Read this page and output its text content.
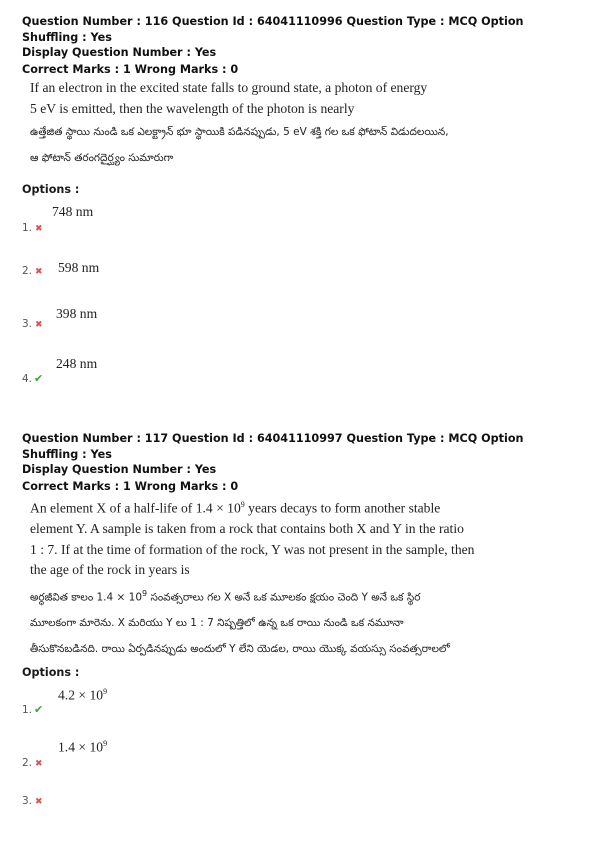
Question Number : 116 Question Id : 64041110996 Question Type : MCQ Option Shuffling : Yes
Display Question Number : Yes
Correct Marks : 1 Wrong Marks : 0
If an electron in the excited state falls to ground state, a photon of energy
5 eV is emitted, then the wavelength of the photon is nearly
ఉత్తేజిత స్థాయి నుండి ఒక ఎలక్ట్రాన్ భూ స్థాయికి పడినప్పుడు, 5 eV శక్తి గల ఒక ఫోటాన్ విడుదలయిన,
ఆ ఫోటాన్ తరంగదైర్ఘ్యం సుమారుగా
Options :
748 nm
1. ✖
2. ✖ 598 nm
398 nm
3. ✖
248 nm
4. ✔
Question Number : 117 Question Id : 64041110997 Question Type : MCQ Option Shuffling : Yes
Display Question Number : Yes
Correct Marks : 1 Wrong Marks : 0
An element X of a half-life of $1.4 \times 10^9$ years decays to form another stable
element Y. A sample is taken from a rock that contains both X and Y in the ratio
1 : 7. If at the time of formation of the rock, Y was not present in the sample, then
the age of the rock in years is
అర్ధజీవిత కాలం $1.4 \times 10^9$ సంవత్సరాలు గల X అనే ఒక మూలకం క్షయం చెంది Y అనే ఒక స్థిర
మూలకంగా మారెను. X మరియు Y లు 1 : 7 నిష్పత్తిలో ఉన్న ఒక రాయి నుండి ఒక నమూనా
తీసుకొనబడినది. రాయి ఏర్పడినప్పుడు అందులో Y లేని యెడల, రాయి యొక్క వయస్సు సంవత్సరాలలో
Options :
$4.2 \times 10^9$
1. ✔
$1.4 \times 10^9$
2. ✖
3. ✖
